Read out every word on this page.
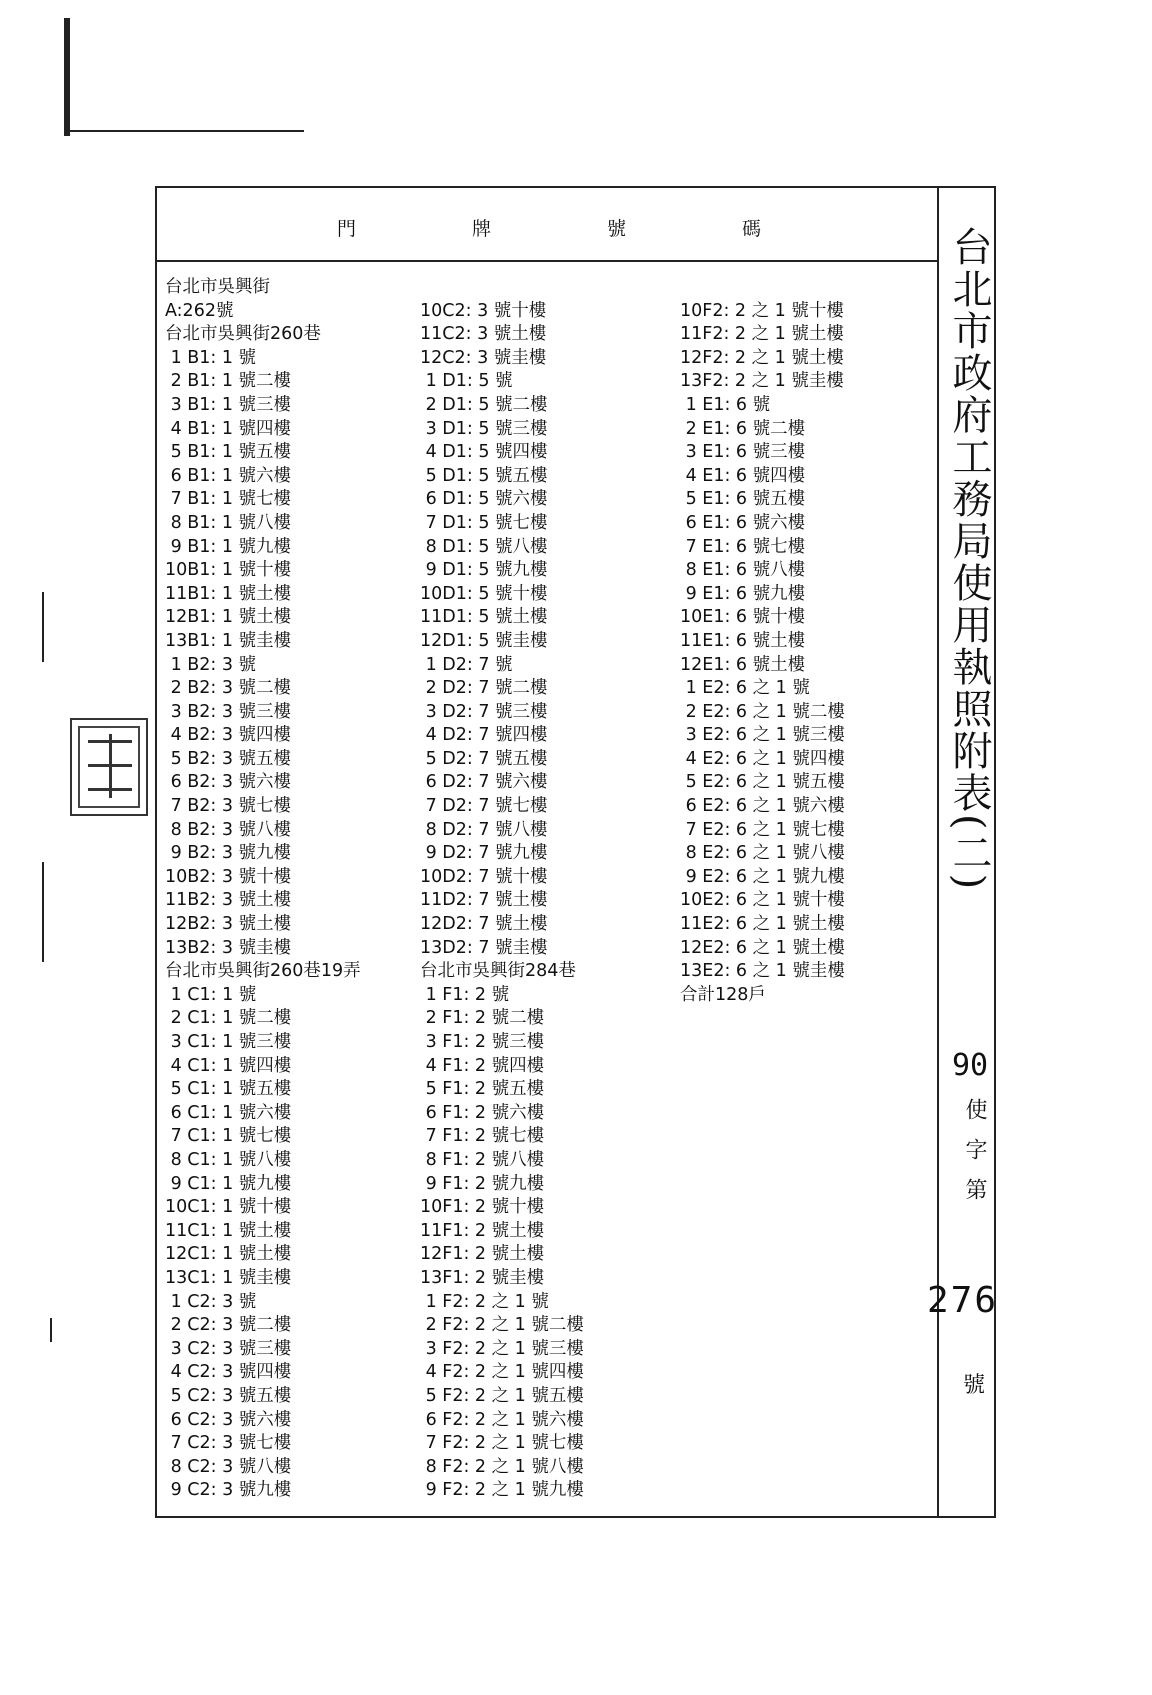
門	牌	號	碼
台北市吳興街
A:262號
台北市吳興街260巷
1 B1: 1 號
2 B1: 1 號二樓
3 B1: 1 號三樓
4 B1: 1 號四樓
5 B1: 1 號五樓
6 B1: 1 號六樓
7 B1: 1 號七樓
8 B1: 1 號八樓
9 B1: 1 號九樓
10B1: 1 號十樓
11B1: 1 號土樓
12B1: 1 號土樓
13B1: 1 號圭樓
1 B2: 3 號
2 B2: 3 號二樓
3 B2: 3 號三樓
4 B2: 3 號四樓
5 B2: 3 號五樓
6 B2: 3 號六樓
7 B2: 3 號七樓
8 B2: 3 號八樓
9 B2: 3 號九樓
10B2: 3 號十樓
11B2: 3 號土樓
12B2: 3 號土樓
13B2: 3 號圭樓
台北市吳興街260巷19弄
1 C1: 1 號
2 C1: 1 號二樓
3 C1: 1 號三樓
4 C1: 1 號四樓
5 C1: 1 號五樓
6 C1: 1 號六樓
7 C1: 1 號七樓
8 C1: 1 號八樓
9 C1: 1 號九樓
10C1: 1 號十樓
11C1: 1 號土樓
12C1: 1 號土樓
13C1: 1 號圭樓
1 C2: 3 號
2 C2: 3 號二樓
3 C2: 3 號三樓
4 C2: 3 號四樓
5 C2: 3 號五樓
6 C2: 3 號六樓
7 C2: 3 號七樓
8 C2: 3 號八樓
9 C2: 3 號九樓
10C2: 3 號十樓
11C2: 3 號土樓
12C2: 3 號圭樓
1 D1: 5 號
2 D1: 5 號二樓
3 D1: 5 號三樓
4 D1: 5 號四樓
5 D1: 5 號五樓
6 D1: 5 號六樓
7 D1: 5 號七樓
8 D1: 5 號八樓
9 D1: 5 號九樓
10D1: 5 號十樓
11D1: 5 號土樓
12D1: 5 號圭樓
1 D2: 7 號
2 D2: 7 號二樓
3 D2: 7 號三樓
4 D2: 7 號四樓
5 D2: 7 號五樓
6 D2: 7 號六樓
7 D2: 7 號七樓
8 D2: 7 號八樓
9 D2: 7 號九樓
10D2: 7 號十樓
11D2: 7 號土樓
12D2: 7 號土樓
13D2: 7 號圭樓
台北市吳興街284巷
1 F1: 2 號
2 F1: 2 號二樓
3 F1: 2 號三樓
4 F1: 2 號四樓
5 F1: 2 號五樓
6 F1: 2 號六樓
7 F1: 2 號七樓
8 F1: 2 號八樓
9 F1: 2 號九樓
10F1: 2 號十樓
11F1: 2 號土樓
12F1: 2 號土樓
13F1: 2 號圭樓
1 F2: 2 之 1 號
2 F2: 2 之 1 號二樓
3 F2: 2 之 1 號三樓
4 F2: 2 之 1 號四樓
5 F2: 2 之 1 號五樓
6 F2: 2 之 1 號六樓
7 F2: 2 之 1 號七樓
8 F2: 2 之 1 號八樓
9 F2: 2 之 1 號九樓
10F2: 2 之 1 號十樓
11F2: 2 之 1 號土樓
12F2: 2 之 1 號土樓
13F2: 2 之 1 號圭樓
1 E1: 6 號
2 E1: 6 號二樓
3 E1: 6 號三樓
4 E1: 6 號四樓
5 E1: 6 號五樓
6 E1: 6 號六樓
7 E1: 6 號七樓
8 E1: 6 號八樓
9 E1: 6 號九樓
10E1: 6 號十樓
11E1: 6 號土樓
12E1: 6 號土樓
1 E2: 6 之 1 號
2 E2: 6 之 1 號二樓
3 E2: 6 之 1 號三樓
4 E2: 6 之 1 號四樓
5 E2: 6 之 1 號五樓
6 E2: 6 之 1 號六樓
7 E2: 6 之 1 號七樓
8 E2: 6 之 1 號八樓
9 E2: 6 之 1 號九樓
10E2: 6 之 1 號十樓
11E2: 6 之 1 號土樓
12E2: 6 之 1 號土樓
13E2: 6 之 1 號圭樓
合計128戶
台北市政府工務局使用執照附表(二)
90
使字第
276
號
